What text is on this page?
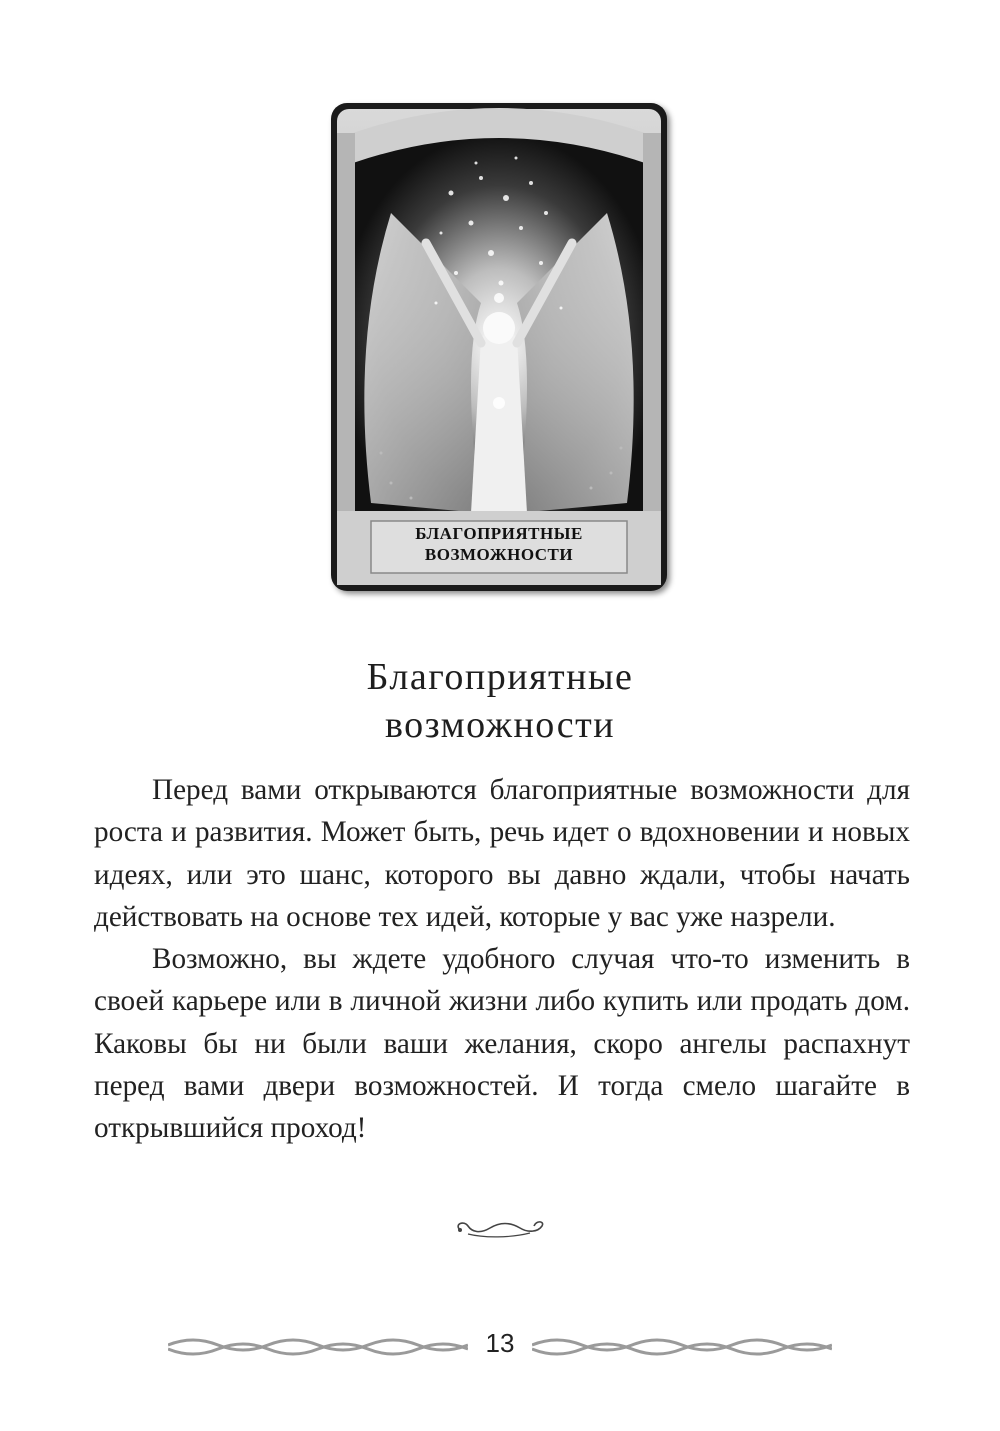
БЛАГОПРИЯТНЫЕ
ВОЗМОЖНОСТИ
Благоприятные
возможности

Перед вами открываются благоприятные возможности для роста и развития. Может быть, речь идет о вдохновении и новых идеях, или это шанс, которого вы давно ждали, чтобы начать действовать на основе тех идей, которые у вас уже назрели.

Возможно, вы ждете удобного случая что-то изменить в своей карьере или в личной жизни либо купить или продать дом. Каковы бы ни были ваши желания, скоро ангелы распахнут перед вами двери возможностей. И тогда смело шагайте в открывшийся проход!

13
